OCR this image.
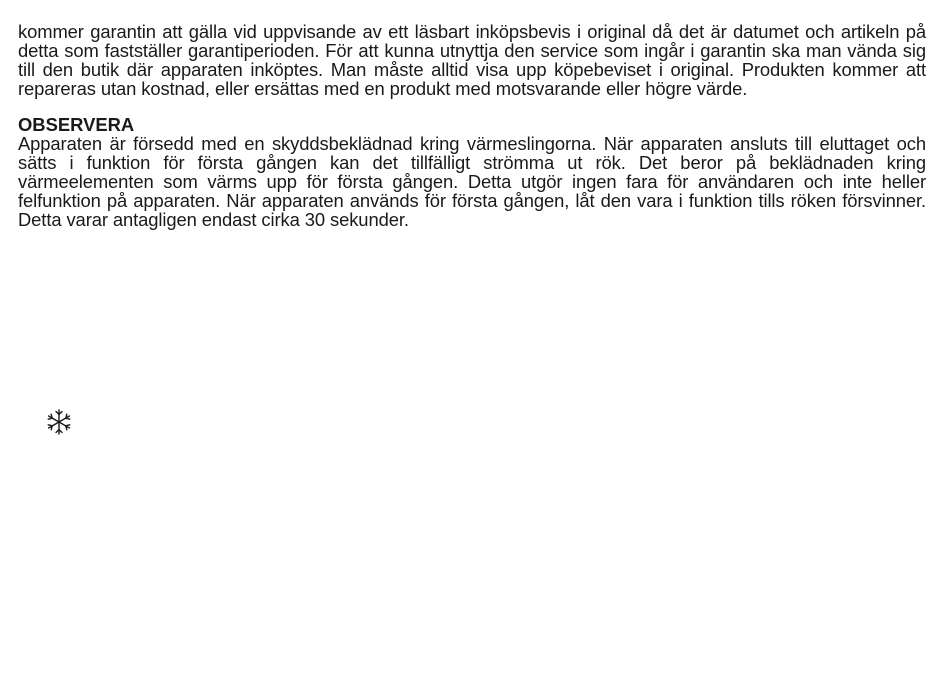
kommer garantin att gälla vid uppvisande av ett läsbart inköpsbevis i original då det är datumet och artikeln på detta som fastställer garantiperioden. För att kunna utnyttja den service som ingår i garantin ska man vända sig till den butik där apparaten inköptes. Man måste alltid visa upp köpebeviset i original. Produkten kommer att repareras utan kostnad, eller ersättas med en produkt med motsvarande eller högre värde.

OBSERVERA

Apparaten är försedd med en skyddsbeklädnad kring värmeslingorna. När apparaten ansluts till eluttaget och sätts i funktion för första gången kan det tillfälligt strömma ut rök. Det beror på beklädnaden kring värmeelementen som värms upp för första gången. Detta utgör ingen fara för användaren och inte heller felfunktion på apparaten. När apparaten används för första gången, låt den vara i funktion tills röken försvinner. Detta varar antagligen endast cirka 30 sekunder.
